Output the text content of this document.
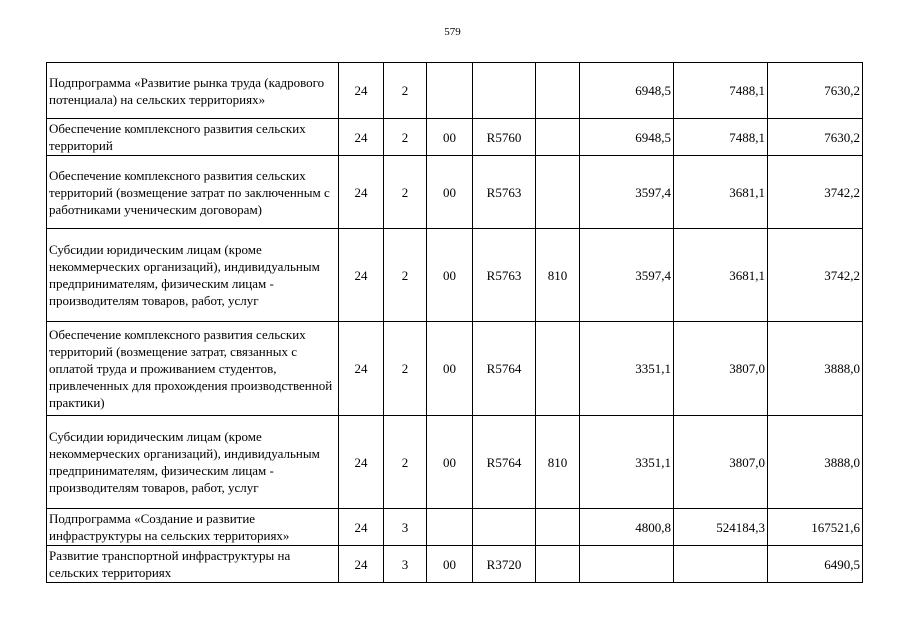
579
Подпрограмма «Развитие рынка труда (кадрового потенциала) на сельских территориях»	24	2				6948,5	7488,1	7630,2
Обеспечение комплексного развития сельских территорий	24	2	00	R5760		6948,5	7488,1	7630,2
Обеспечение комплексного развития сельских территорий (возмещение затрат по заключенным с работниками ученическим договорам)	24	2	00	R5763		3597,4	3681,1	3742,2
Субсидии юридическим лицам (кроме некоммерческих организаций), индивидуальным предпринимателям, физическим лицам - производителям товаров, работ, услуг	24	2	00	R5763	810	3597,4	3681,1	3742,2
Обеспечение комплексного развития сельских территорий (возмещение затрат, связанных с оплатой труда и проживанием студентов, привлеченных для прохождения производственной практики)	24	2	00	R5764		3351,1	3807,0	3888,0
Субсидии юридическим лицам (кроме некоммерческих организаций), индивидуальным предпринимателям, физическим лицам - производителям товаров, работ, услуг	24	2	00	R5764	810	3351,1	3807,0	3888,0
Подпрограмма «Создание и развитие инфраструктуры на сельских территориях»	24	3				4800,8	524184,3	167521,6
Развитие транспортной инфраструктуры на сельских территориях	24	3	00	R3720				6490,5
